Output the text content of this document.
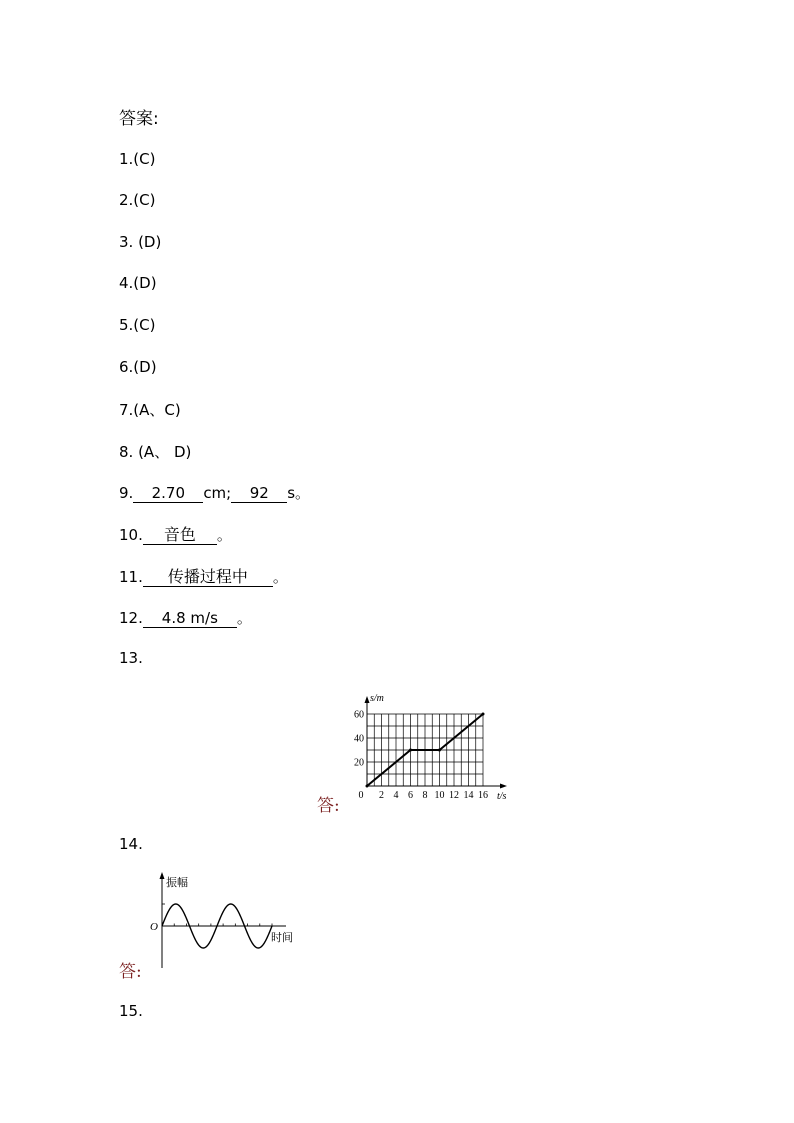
答案:
1.(C)
2.(C)
3. (D)
4.(D)
5.(C)
6.(D)
7.(A、C)
8. (A、 D)
9. 2.70 cm; 92 s。
10. 音色 。
11. 传播过程中 。
12. 4.8 m/s 。
13.
答:
0 2 4 6 8 10 12 14 16
20
40
60
t/s
s/m
14.
答:
振幅
时间
O
15.
